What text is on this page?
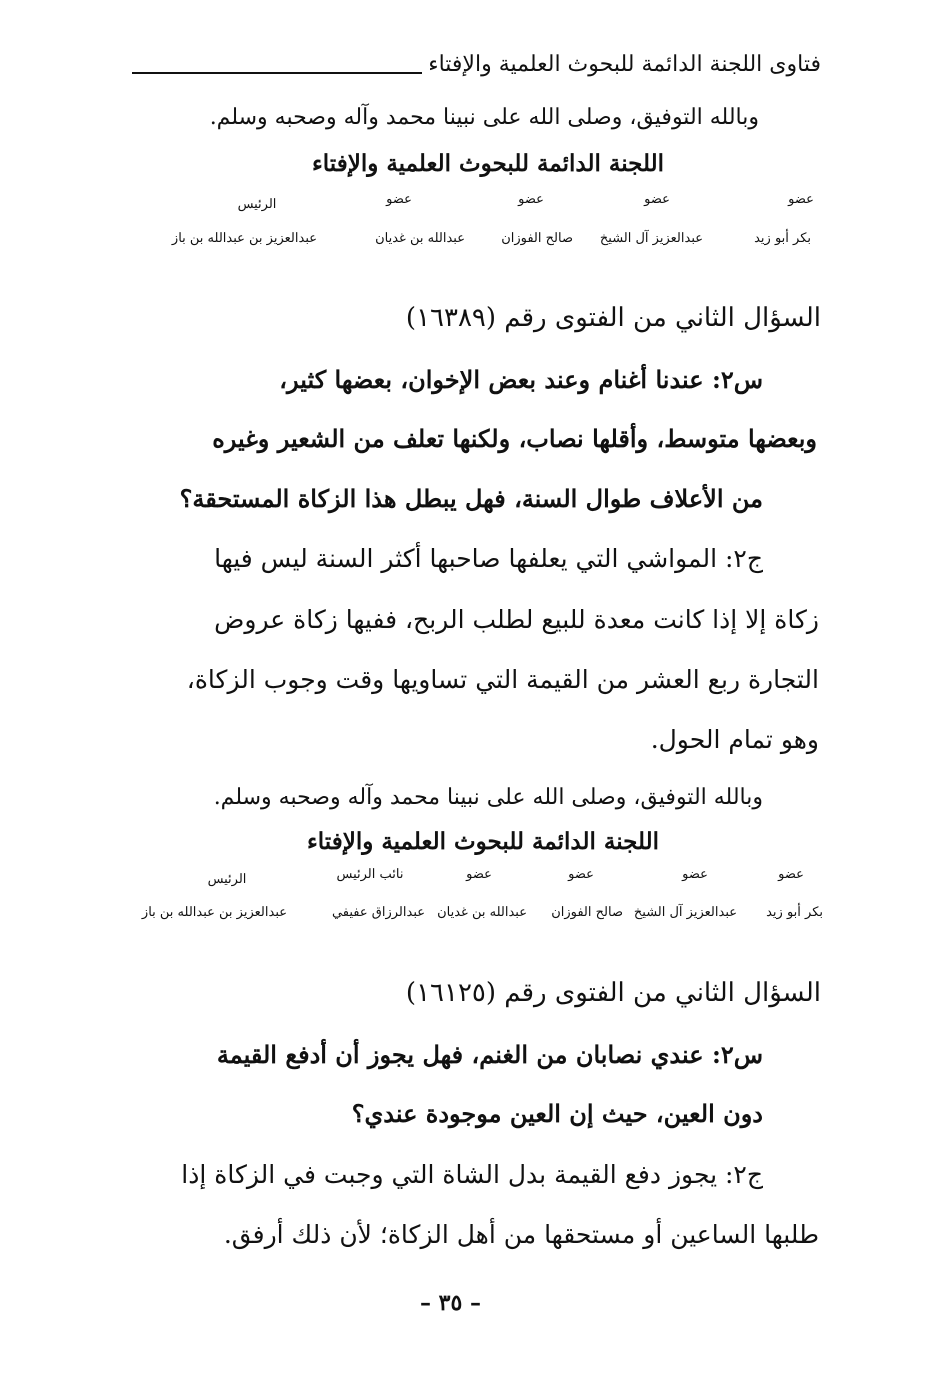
فتاوى اللجنة الدائمة للبحوث العلمية والإفتاء
وبالله التوفيق، وصلى الله على نبينا محمد وآله وصحبه وسلم.
اللجنة الدائمة للبحوث العلمية والإفتاء
عضو
عضو
عضو
عضو
الرئيس
بكر أبو زيد
عبدالعزيز آل الشيخ
صالح الفوزان
عبدالله بن غديان
عبدالعزيز بن عبدالله بن باز
السؤال الثاني من الفتوى رقم (١٦٣٨٩)
س٢: عندنا أغنام وعند بعض الإخوان، بعضها كثير،
وبعضها متوسط، وأقلها نصاب، ولكنها تعلف من الشعير وغيره
من الأعلاف طوال السنة، فهل يبطل هذا الزكاة المستحقة؟
ج٢: المواشي التي يعلفها صاحبها أكثر السنة ليس فيها
زكاة إلا إذا كانت معدة للبيع لطلب الربح، ففيها زكاة عروض
التجارة ربع العشر من القيمة التي تساويها وقت وجوب الزكاة،
وهو تمام الحول.
وبالله التوفيق، وصلى الله على نبينا محمد وآله وصحبه وسلم.
اللجنة الدائمة للبحوث العلمية والإفتاء
عضو
عضو
عضو
عضو
نائب الرئيس
الرئيس
بكر أبو زيد
عبدالعزيز آل الشيخ
صالح الفوزان
عبدالله بن غديان
عبدالرزاق عفيفي
عبدالعزيز بن عبدالله بن باز
السؤال الثاني من الفتوى رقم (١٦١٢٥)
س٢: عندي نصابان من الغنم، فهل يجوز أن أدفع القيمة
دون العين، حيث إن العين موجودة عندي؟
ج٢: يجوز دفع القيمة بدل الشاة التي وجبت في الزكاة إذا
طلبها الساعين أو مستحقها من أهل الزكاة؛ لأن ذلك أرفق.
– ٣٥ –
